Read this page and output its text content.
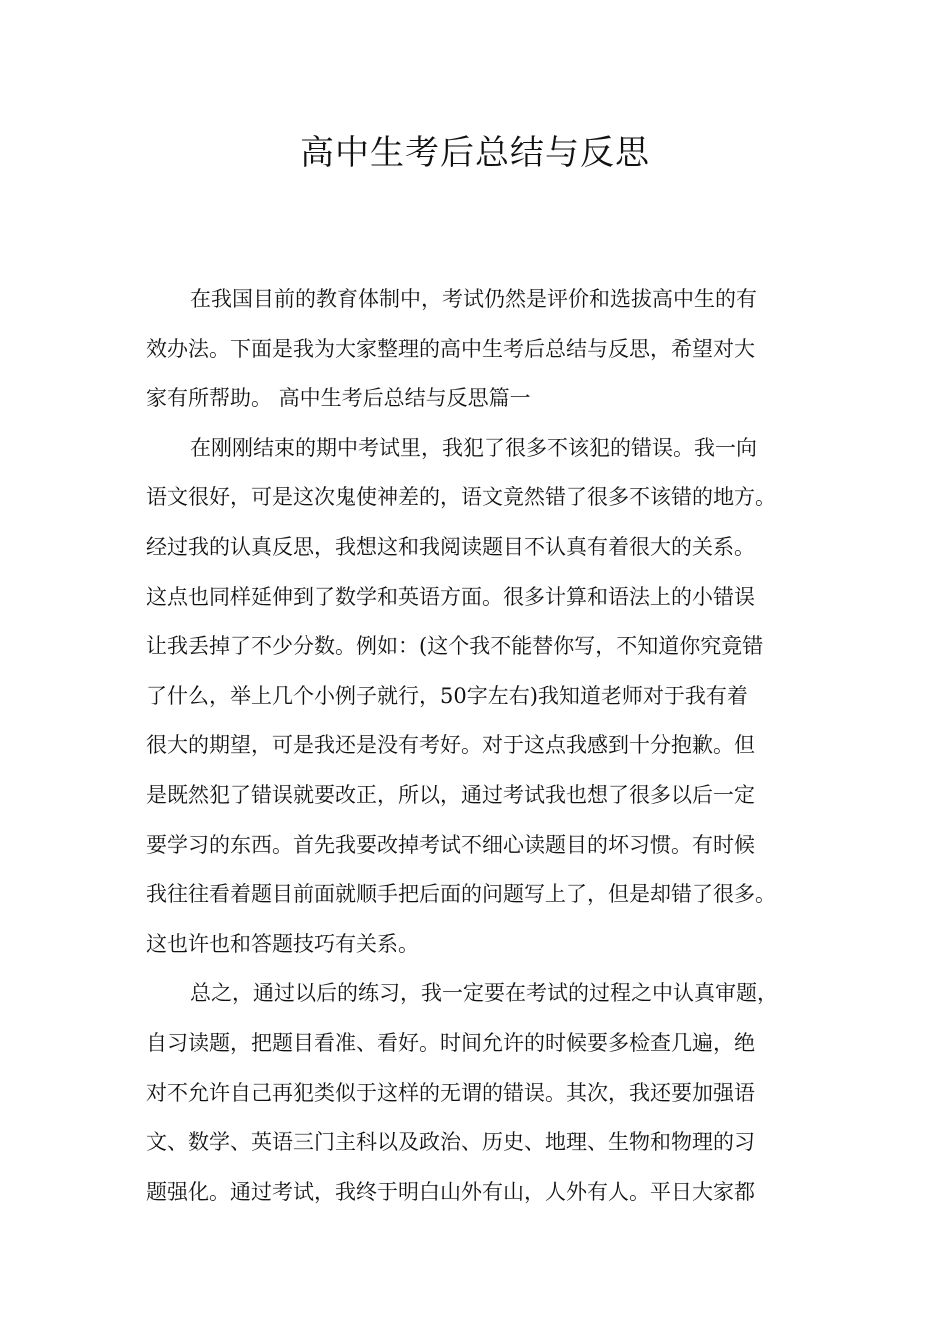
高中生考后总结与反思
在我国目前的教育体制中，考试仍然是评价和选拔高中生的有
效办法。下面是我为大家整理的高中生考后总结与反思，希望对大
家有所帮助。 高中生考后总结与反思篇一
在刚刚结束的期中考试里，我犯了很多不该犯的错误。我一向
语文很好，可是这次鬼使神差的，语文竟然错了很多不该错的地方。
经过我的认真反思，我想这和我阅读题目不认真有着很大的关系。
这点也同样延伸到了数学和英语方面。很多计算和语法上的小错误
让我丢掉了不少分数。例如：(这个我不能替你写，不知道你究竟错
了什么，举上几个小例子就行，50字左右)我知道老师对于我有着
很大的期望，可是我还是没有考好。对于这点我感到十分抱歉。但
是既然犯了错误就要改正，所以，通过考试我也想了很多以后一定
要学习的东西。首先我要改掉考试不细心读题目的坏习惯。有时候
我往往看着题目前面就顺手把后面的问题写上了，但是却错了很多。
这也许也和答题技巧有关系。
总之，通过以后的练习，我一定要在考试的过程之中认真审题，
自习读题，把题目看准、看好。时间允许的时候要多检查几遍，绝
对不允许自己再犯类似于这样的无谓的错误。其次，我还要加强语
文、数学、英语三门主科以及政治、历史、地理、生物和物理的习
题强化。通过考试，我终于明白山外有山，人外有人。平日大家都
